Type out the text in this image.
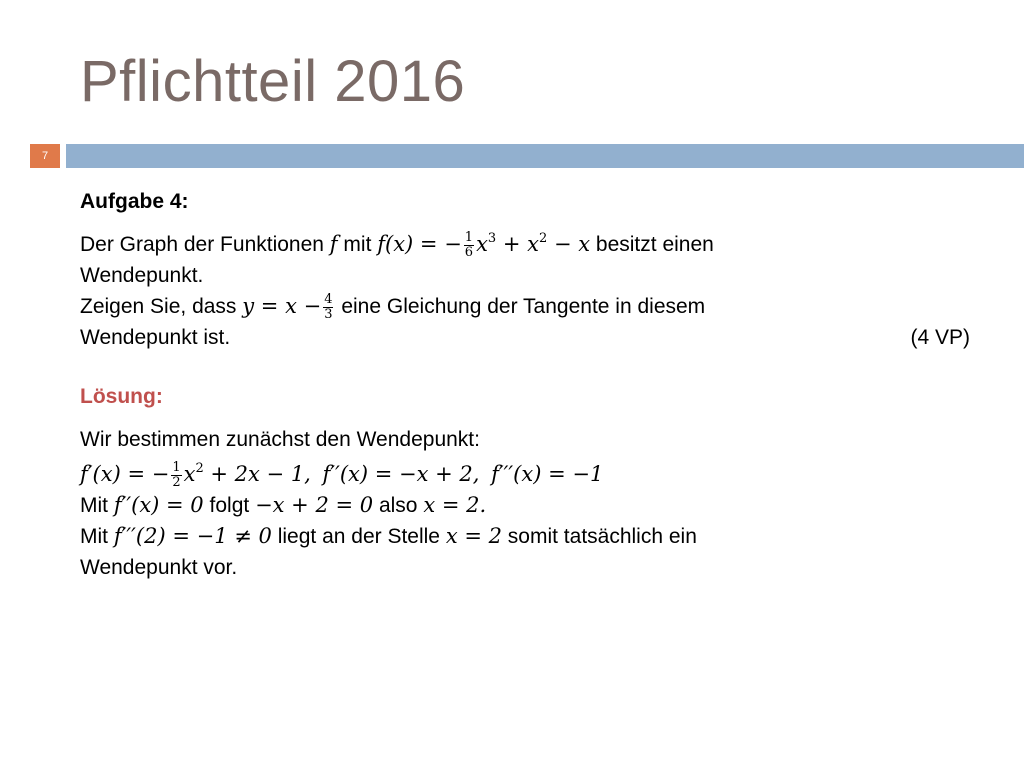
Pflichtteil 2016
7
Aufgabe 4:
Der Graph der Funktionen f mit f(x) = − $\frac{1}{6} x^3 + x^2 - x$ besitzt einen
Wendepunkt.
Zeigen Sie, dass $y = x - \frac{4}{3}$ eine Gleichung der Tangente in diesem
Wendepunkt ist.	(4 VP)
Lösung:
Wir bestimmen zunächst den Wendepunkt:
f′(x) = − $\frac{1}{2} x^2 + 2x - 1$, f′′(x) = −x + 2, f′′′(x) = −1
Mit f′′(x) = 0 folgt −x + 2 = 0 also x = 2.
Mit f′′′(2) = −1 ≠ 0 liegt an der Stelle x = 2 somit tatsächlich ein
Wendepunkt vor.
